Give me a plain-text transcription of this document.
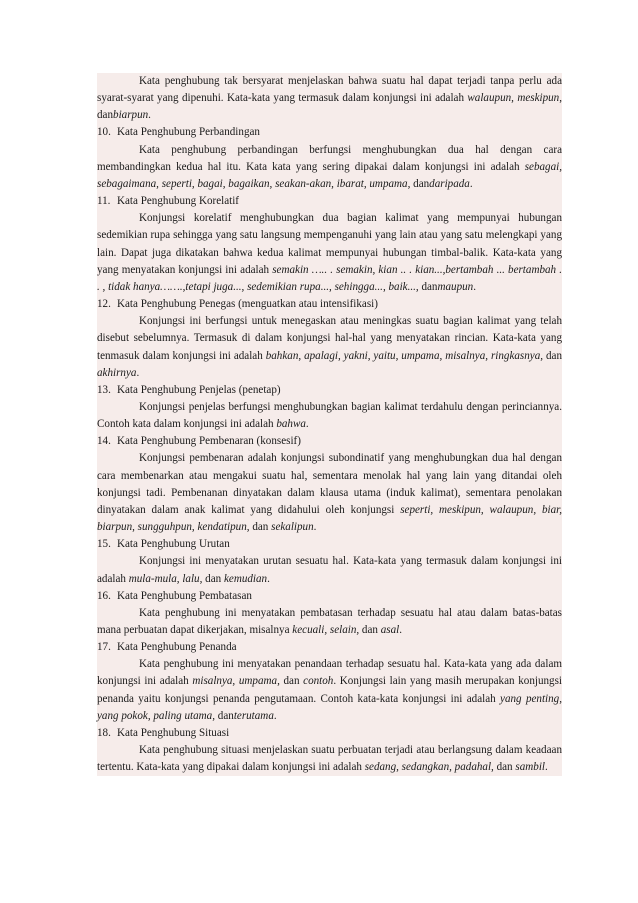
Kata penghubung tak bersyarat menjelaskan bahwa suatu hal dapat terjadi tanpa perlu ada syarat-syarat yang dipenuhi. Kata-kata yang termasuk dalam konjungsi ini adalah walaupun, meskipun, danbiarpun.

10. Kata Penghubung Perbandingan

Kata penghubung perbandingan berfungsi menghubungkan dua hal dengan cara membandingkan kedua hal itu. Kata kata yang sering dipakai dalam konjungsi ini adalah sebagai, sebagaimana, seperti, bagai, bagaikan, seakan-akan, ibarat, umpama, dandaripada.

11. Kata Penghubung Korelatif

Konjungsi korelatif menghubungkan dua bagian kalimat yang mempunyai hubungan sedemikian rupa sehingga yang satu langsung mempenganuhi yang lain atau yang satu melengkapi yang lain. Dapat juga dikatakan bahwa kedua kalimat mempunyai hubungan timbal-balik. Kata-kata yang yang menyatakan konjungsi ini adalah semakin ….. . semakin, kian .. . kian...,bertambah ... bertambah . . , tidak hanya…….,tetapi juga..., sedemikian rupa..., sehingga..., baik..., danmaupun.

12. Kata Penghubung Penegas (menguatkan atau intensifikasi)

Konjungsi ini berfungsi untuk menegaskan atau meningkas suatu bagian kalimat yang telah disebut sebelumnya. Termasuk di dalam konjungsi hal-hal yang menyatakan rincian. Kata-kata yang tenmasuk dalam konjungsi ini adalah bahkan, apalagi, yakni, yaitu, umpama, misalnya, ringkasnya, dan akhirnya.

13. Kata Penghubung Penjelas (penetap)

Konjungsi penjelas berfungsi menghubungkan bagian kalimat terdahulu dengan perinciannya. Contoh kata dalam konjungsi ini adalah bahwa.

14. Kata Penghubung Pembenaran (konsesif)

Konjungsi pembenaran adalah konjungsi subondinatif yang menghubungkan dua hal dengan cara membenarkan atau mengakui suatu hal, sementara menolak hal yang lain yang ditandai oleh konjungsi tadi. Pembenanan dinyatakan dalam klausa utama (induk kalimat), sementara penolakan dinyatakan dalam anak kalimat yang didahului oleh konjungsi seperti, meskipun, walaupun, biar, biarpun, sungguhpun, kendatipun, dan sekalipun.

15. Kata Penghubung Urutan

Konjungsi ini menyatakan urutan sesuatu hal. Kata-kata yang termasuk dalam konjungsi ini adalah mula-mula, lalu, dan kemudian.

16. Kata Penghubung Pembatasan

Kata penghubung ini menyatakan pembatasan terhadap sesuatu hal atau dalam batas-batas mana perbuatan dapat dikerjakan, misalnya kecuali, selain, dan asal.

17. Kata Penghubung Penanda

Kata penghubung ini menyatakan penandaan terhadap sesuatu hal. Kata-kata yang ada dalam konjungsi ini adalah misalnya, umpama, dan contoh. Konjungsi lain yang masih merupakan konjungsi penanda yaitu konjungsi penanda pengutamaan. Contoh kata-kata konjungsi ini adalah yang penting, yang pokok, paling utama, danterutama.

18. Kata Penghubung Situasi

Kata penghubung situasi menjelaskan suatu perbuatan terjadi atau berlangsung dalam keadaan tertentu. Kata-kata yang dipakai dalam konjungsi ini adalah sedang, sedangkan, padahal, dan sambil.
